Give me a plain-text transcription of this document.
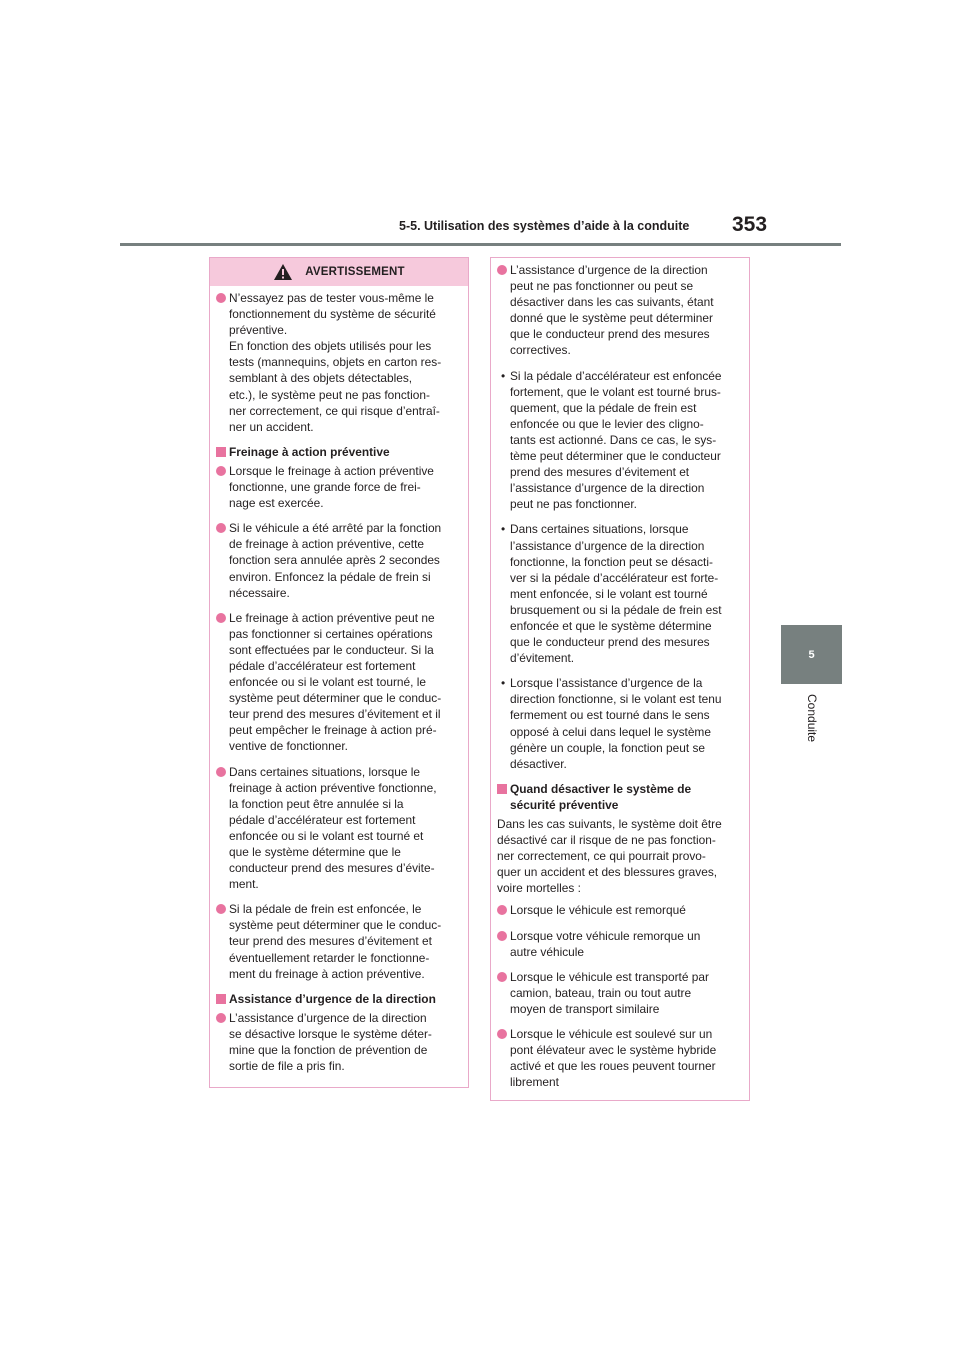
5-5. Utilisation des systèmes d’aide à la conduite 353
5
Conduite
AVERTISSEMENT
N’essayez pas de tester vous-même le
fonctionnement du système de sécurité
préventive.
En fonction des objets utilisés pour les
tests (mannequins, objets en carton res-
semblant à des objets détectables,
etc.), le système peut ne pas fonction-
ner correctement, ce qui risque d’entraî-
ner un accident.
Freinage à action préventive
Lorsque le freinage à action préventive
fonctionne, une grande force de frei-
nage est exercée.
Si le véhicule a été arrêté par la fonction
de freinage à action préventive, cette
fonction sera annulée après 2 secondes
environ. Enfoncez la pédale de frein si
nécessaire.
Le freinage à action préventive peut ne
pas fonctionner si certaines opérations
sont effectuées par le conducteur. Si la
pédale d’accélérateur est fortement
enfoncée ou si le volant est tourné, le
système peut déterminer que le conduc-
teur prend des mesures d’évitement et il
peut empêcher le freinage à action pré-
ventive de fonctionner.
Dans certaines situations, lorsque le
freinage à action préventive fonctionne,
la fonction peut être annulée si la
pédale d’accélérateur est fortement
enfoncée ou si le volant est tourné et
que le système détermine que le
conducteur prend des mesures d’évite-
ment.
Si la pédale de frein est enfoncée, le
système peut déterminer que le conduc-
teur prend des mesures d’évitement et
éventuellement retarder le fonctionne-
ment du freinage à action préventive.
Assistance d’urgence de la direction
L’assistance d’urgence de la direction
se désactive lorsque le système déter-
mine que la fonction de prévention de
sortie de file a pris fin.
L’assistance d’urgence de la direction
peut ne pas fonctionner ou peut se
désactiver dans les cas suivants, étant
donné que le système peut déterminer
que le conducteur prend des mesures
correctives.
• Si la pédale d’accélérateur est enfoncée
fortement, que le volant est tourné brus-
quement, que la pédale de frein est
enfoncée ou que le levier des cligno-
tants est actionné. Dans ce cas, le sys-
tème peut déterminer que le conducteur
prend des mesures d’évitement et
l’assistance d’urgence de la direction
peut ne pas fonctionner.
• Dans certaines situations, lorsque
l’assistance d’urgence de la direction
fonctionne, la fonction peut se désacti-
ver si la pédale d’accélérateur est forte-
ment enfoncée, si le volant est tourné
brusquement ou si la pédale de frein est
enfoncée et que le système détermine
que le conducteur prend des mesures
d’évitement.
• Lorsque l’assistance d’urgence de la
direction fonctionne, si le volant est tenu
fermement ou est tourné dans le sens
opposé à celui dans lequel le système
génère un couple, la fonction peut se
désactiver.
Quand désactiver le système de
sécurité préventive
Dans les cas suivants, le système doit être
désactivé car il risque de ne pas fonction-
ner correctement, ce qui pourrait provo-
quer un accident et des blessures graves,
voire mortelles :
Lorsque le véhicule est remorqué
Lorsque votre véhicule remorque un
autre véhicule
Lorsque le véhicule est transporté par
camion, bateau, train ou tout autre
moyen de transport similaire
Lorsque le véhicule est soulevé sur un
pont élévateur avec le système hybride
activé et que les roues peuvent tourner
librement
